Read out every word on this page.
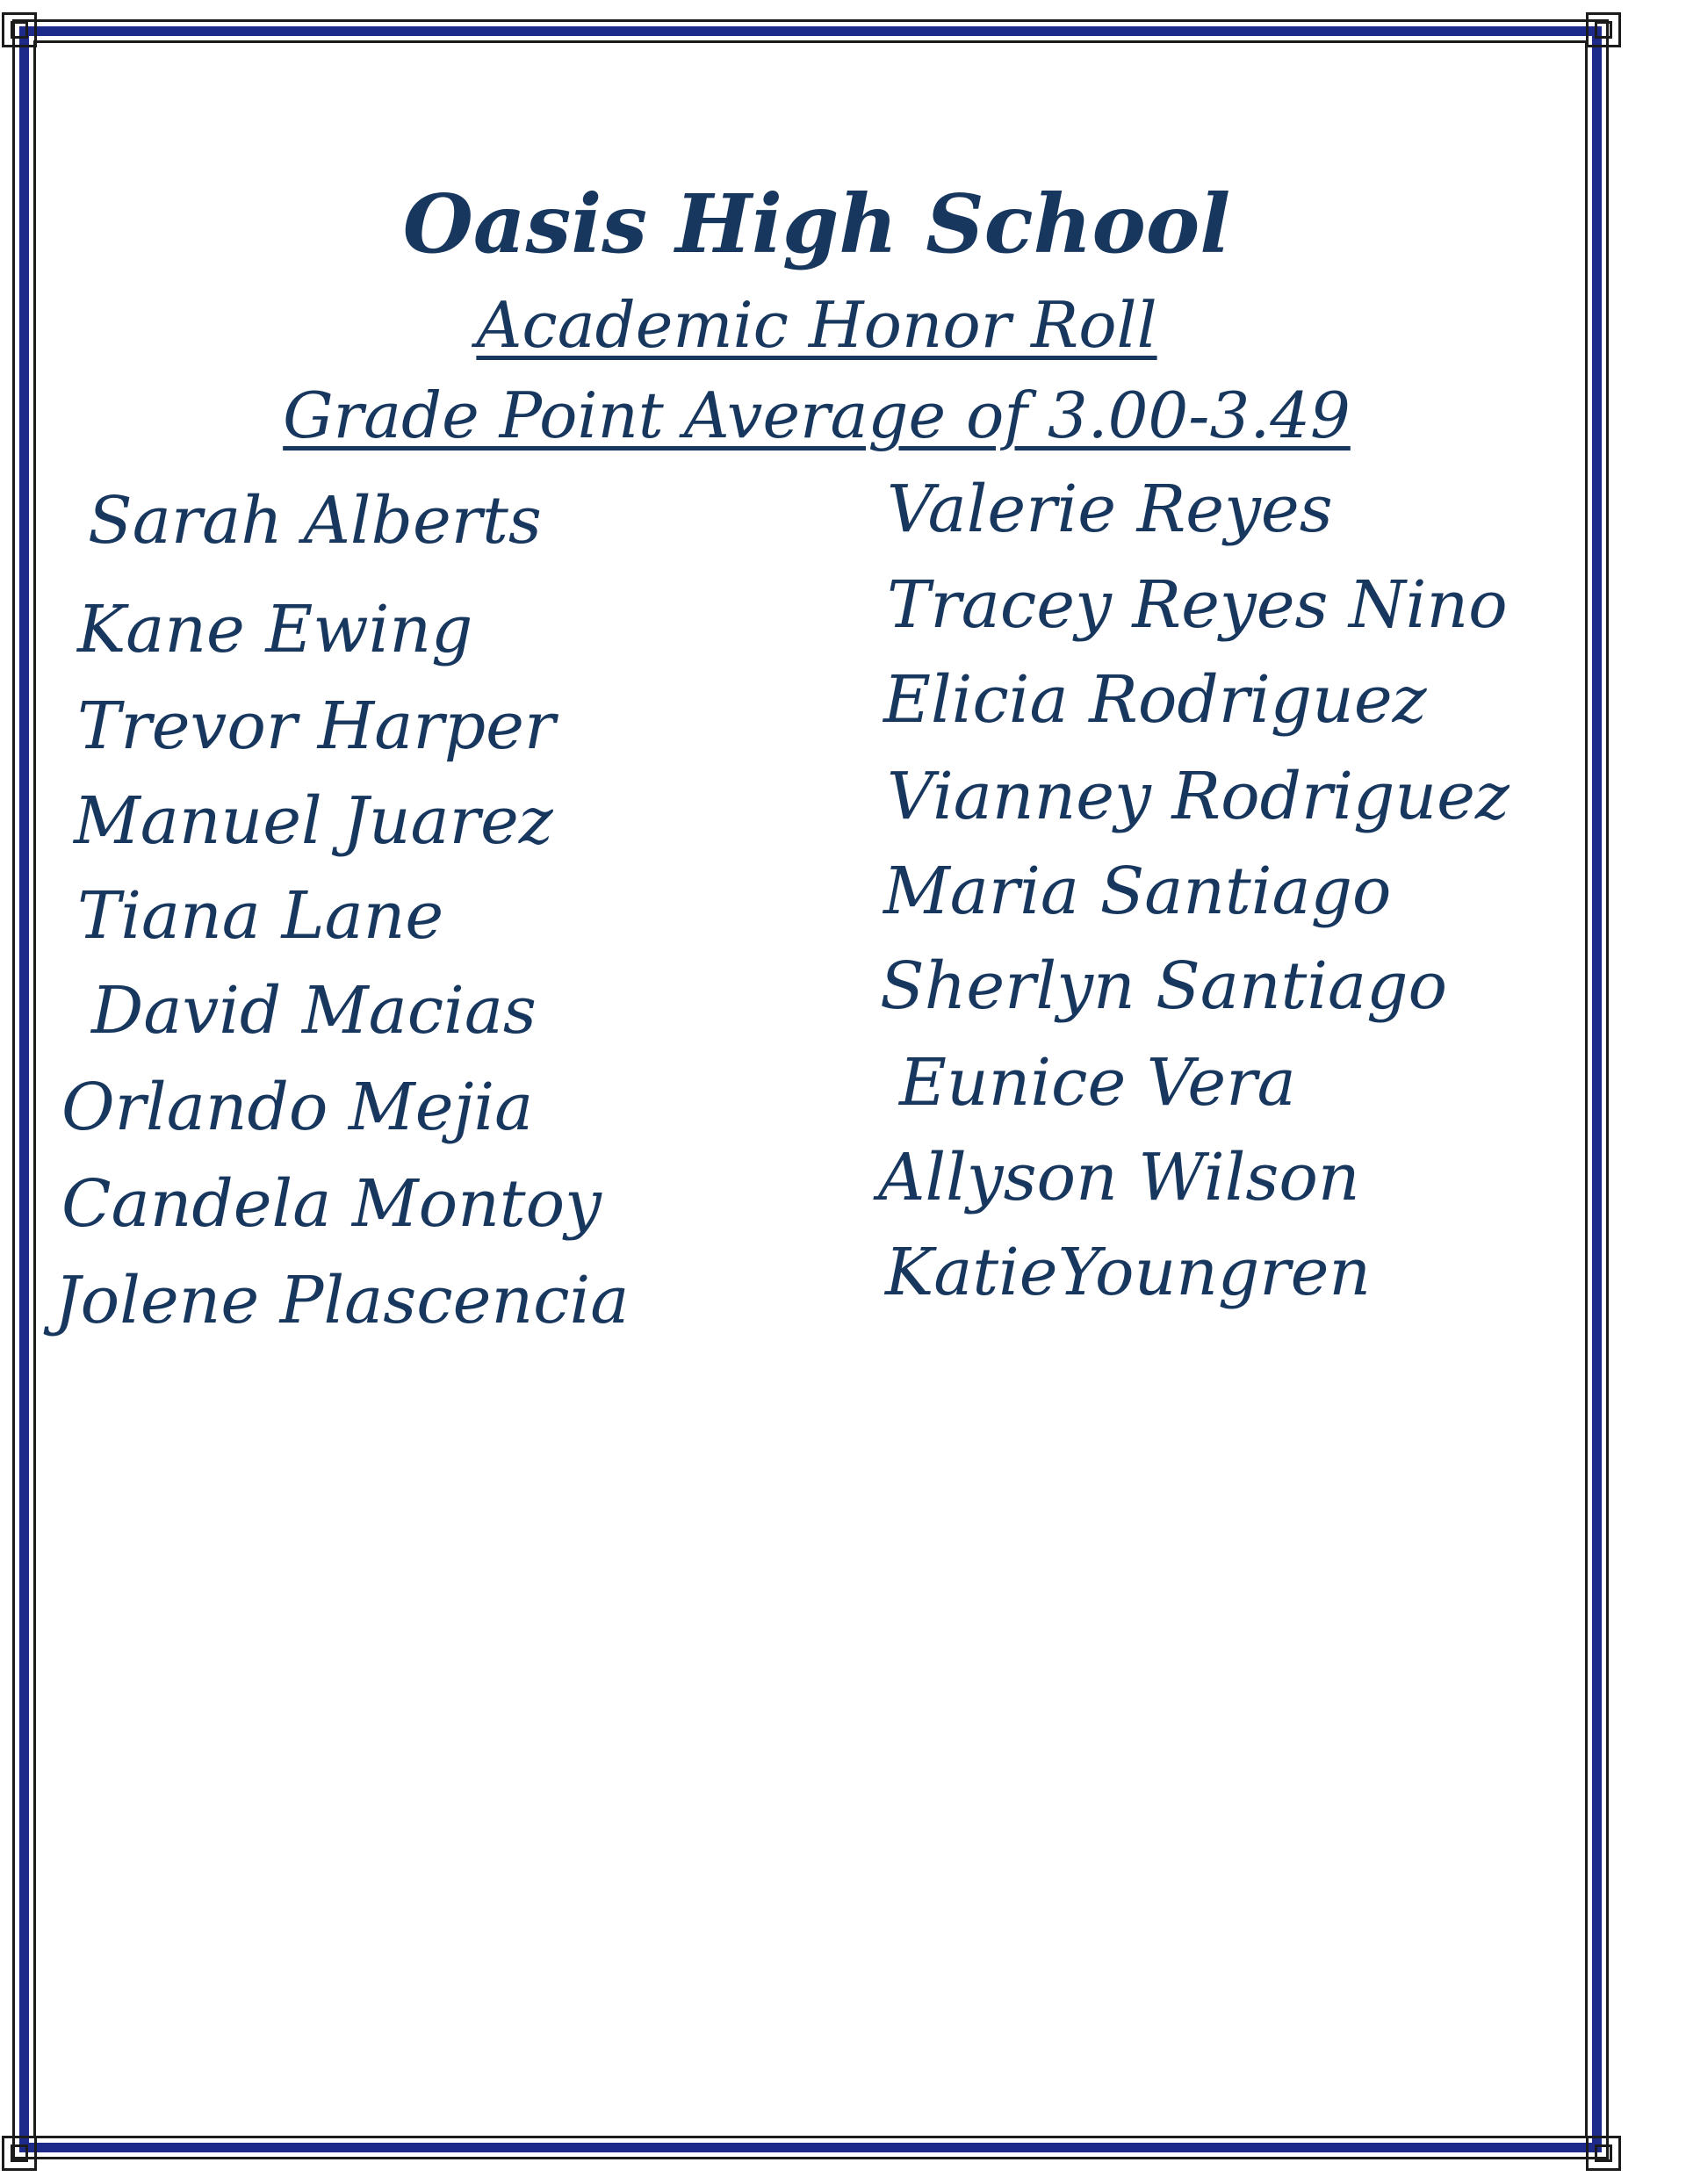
Oasis High School
Academic Honor Roll
Grade Point Average of 3.00-3.49
Sarah Alberts
Kane Ewing
Trevor Harper
Manuel Juarez
Tiana Lane
David Macias
Orlando Mejia
Candela Montoy
Jolene Plascencia
Valerie Reyes
Tracey Reyes Nino
Elicia Rodriguez
Vianney Rodriguez
Maria Santiago
Sherlyn Santiago
Eunice Vera
Allyson Wilson
KatieYoungren
